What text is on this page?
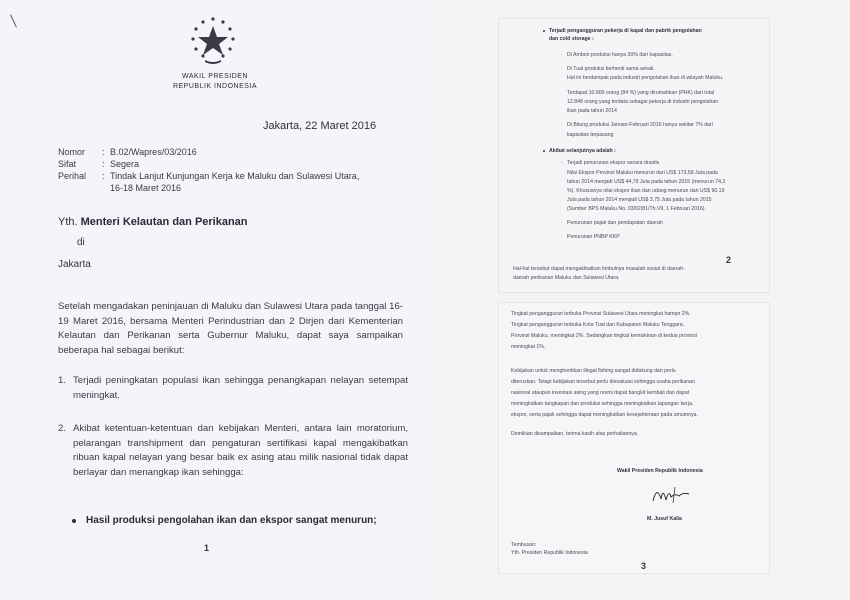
WAKIL PRESIDEN
REPUBLIK INDONESIA
Jakarta, 22 Maret 2016
Nomor	: B.02/Wapres/03/2016
Sifat	: Segera
Perihal	: Tindak Lanjut Kunjungan Kerja ke Maluku dan Sulawesi Utara,
16-18 Maret 2016
Yth. Menteri Kelautan dan Perikanan
di
Jakarta
Setelah mengadakan peninjauan di Maluku dan Sulawesi Utara pada tanggal 16-19 Maret 2016, bersama Menteri Perindustrian dan 2 Dirjen dari Kementerian Kelautan dan Perikanan serta Gubernur Maluku, dapat saya sampaikan beberapa hal sebagai berikut:
1. Terjadi peningkatan populasi ikan sehingga penangkapan nelayan setempat meningkat.
2. Akibat ketentuan-ketentuan dan kebijakan Menteri, antara lain moratorium, pelarangan transhipment dan pengaturan sertifikasi kapal mengakibatkan ribuan kapal nelayan yang besar baik ex asing atau milik nasional tidak dapat berlayar dan menangkap ikan sehingga:
Hasil produksi pengolahan ikan dan ekspor sangat menurun;
1
Terjadi pengangguran pekerja di kapal dan pabrik pengolahan
dan cold storage :
- Di Ambon produksi hanya 30% dari kapasitas.
- Di Tual produksi berhenti sama sekali.
Hal ini berdampak pada industri pengolahan ikan di wilayah Maluku.
Terdapat 10.800 orang (84 %) yang dirumahkan (PHK) dari total
12.848 orang yang terdata sebagai pekerja di industri pengolahan
ikan pada tahun 2014
- Di Bitung produksi Januari-Februari 2016 hanya sekitar 7% dari
kapasitas terpasang
Akibat selanjutnya adalah :
- Terjadi penurunan ekspor secara drastis
Nilai Ekspor Provinsi Maluku menurun dari US$ 173,58 Juta pada
tahun 2014 menjadi US$ 44,79 Juta pada tahun 2015 (menurun 74,2
%). Khususnya nilai ekspor ikan dan udang menurun dari US$ 90,19
Juta pada tahun 2014 menjadi US$ 3,75 Juta pada tahun 2015
(Sumber BPS Maluku No. 03/02/81/Th.VII, 1 Februari 2016).
- Penurunan pajak dan pendapatan daerah
- Penurunan PNBP KKP
2
Hal-hal tersebut dapat mengakibatkan timbulnya masalah sosial di daerah-
daerah perikanan Maluku dan Sulawesi Utara.
Tingkat pengangguran terbuka Provinsi Sulawesi Utara meningkat hampir 2%.
Tingkat pengangguran terbuka Kota Tual dan Kabupaten Maluku Tenggara,
Provinsi Maluku, meningkat 2%. Sedangkan tingkat kemiskinan di kedua provinsi
meningkat 1%.
Kebijakan untuk menghentikan illegal fishing sangat didukung dan perlu
diteruskan. Tetapi kebijakan tersebut perlu dievaluasi sehingga usaha perikanan
nasional ataupun investasi asing yang resmi dapat bangkit kembali dan dapat
meningkatkan tangkapan dan produksi sehingga meningkatkan lapangan kerja,
ekspor, serta pajak sehingga dapat meningkatkan kesejahteraan pada umumnya.
Demikian disampaikan, terima kasih atas perhatiannya.
Wakil Presiden Republik Indonesia
M. Jusuf Kalla
Tembusan:
Yth. Presiden Republik Indonesia
3
